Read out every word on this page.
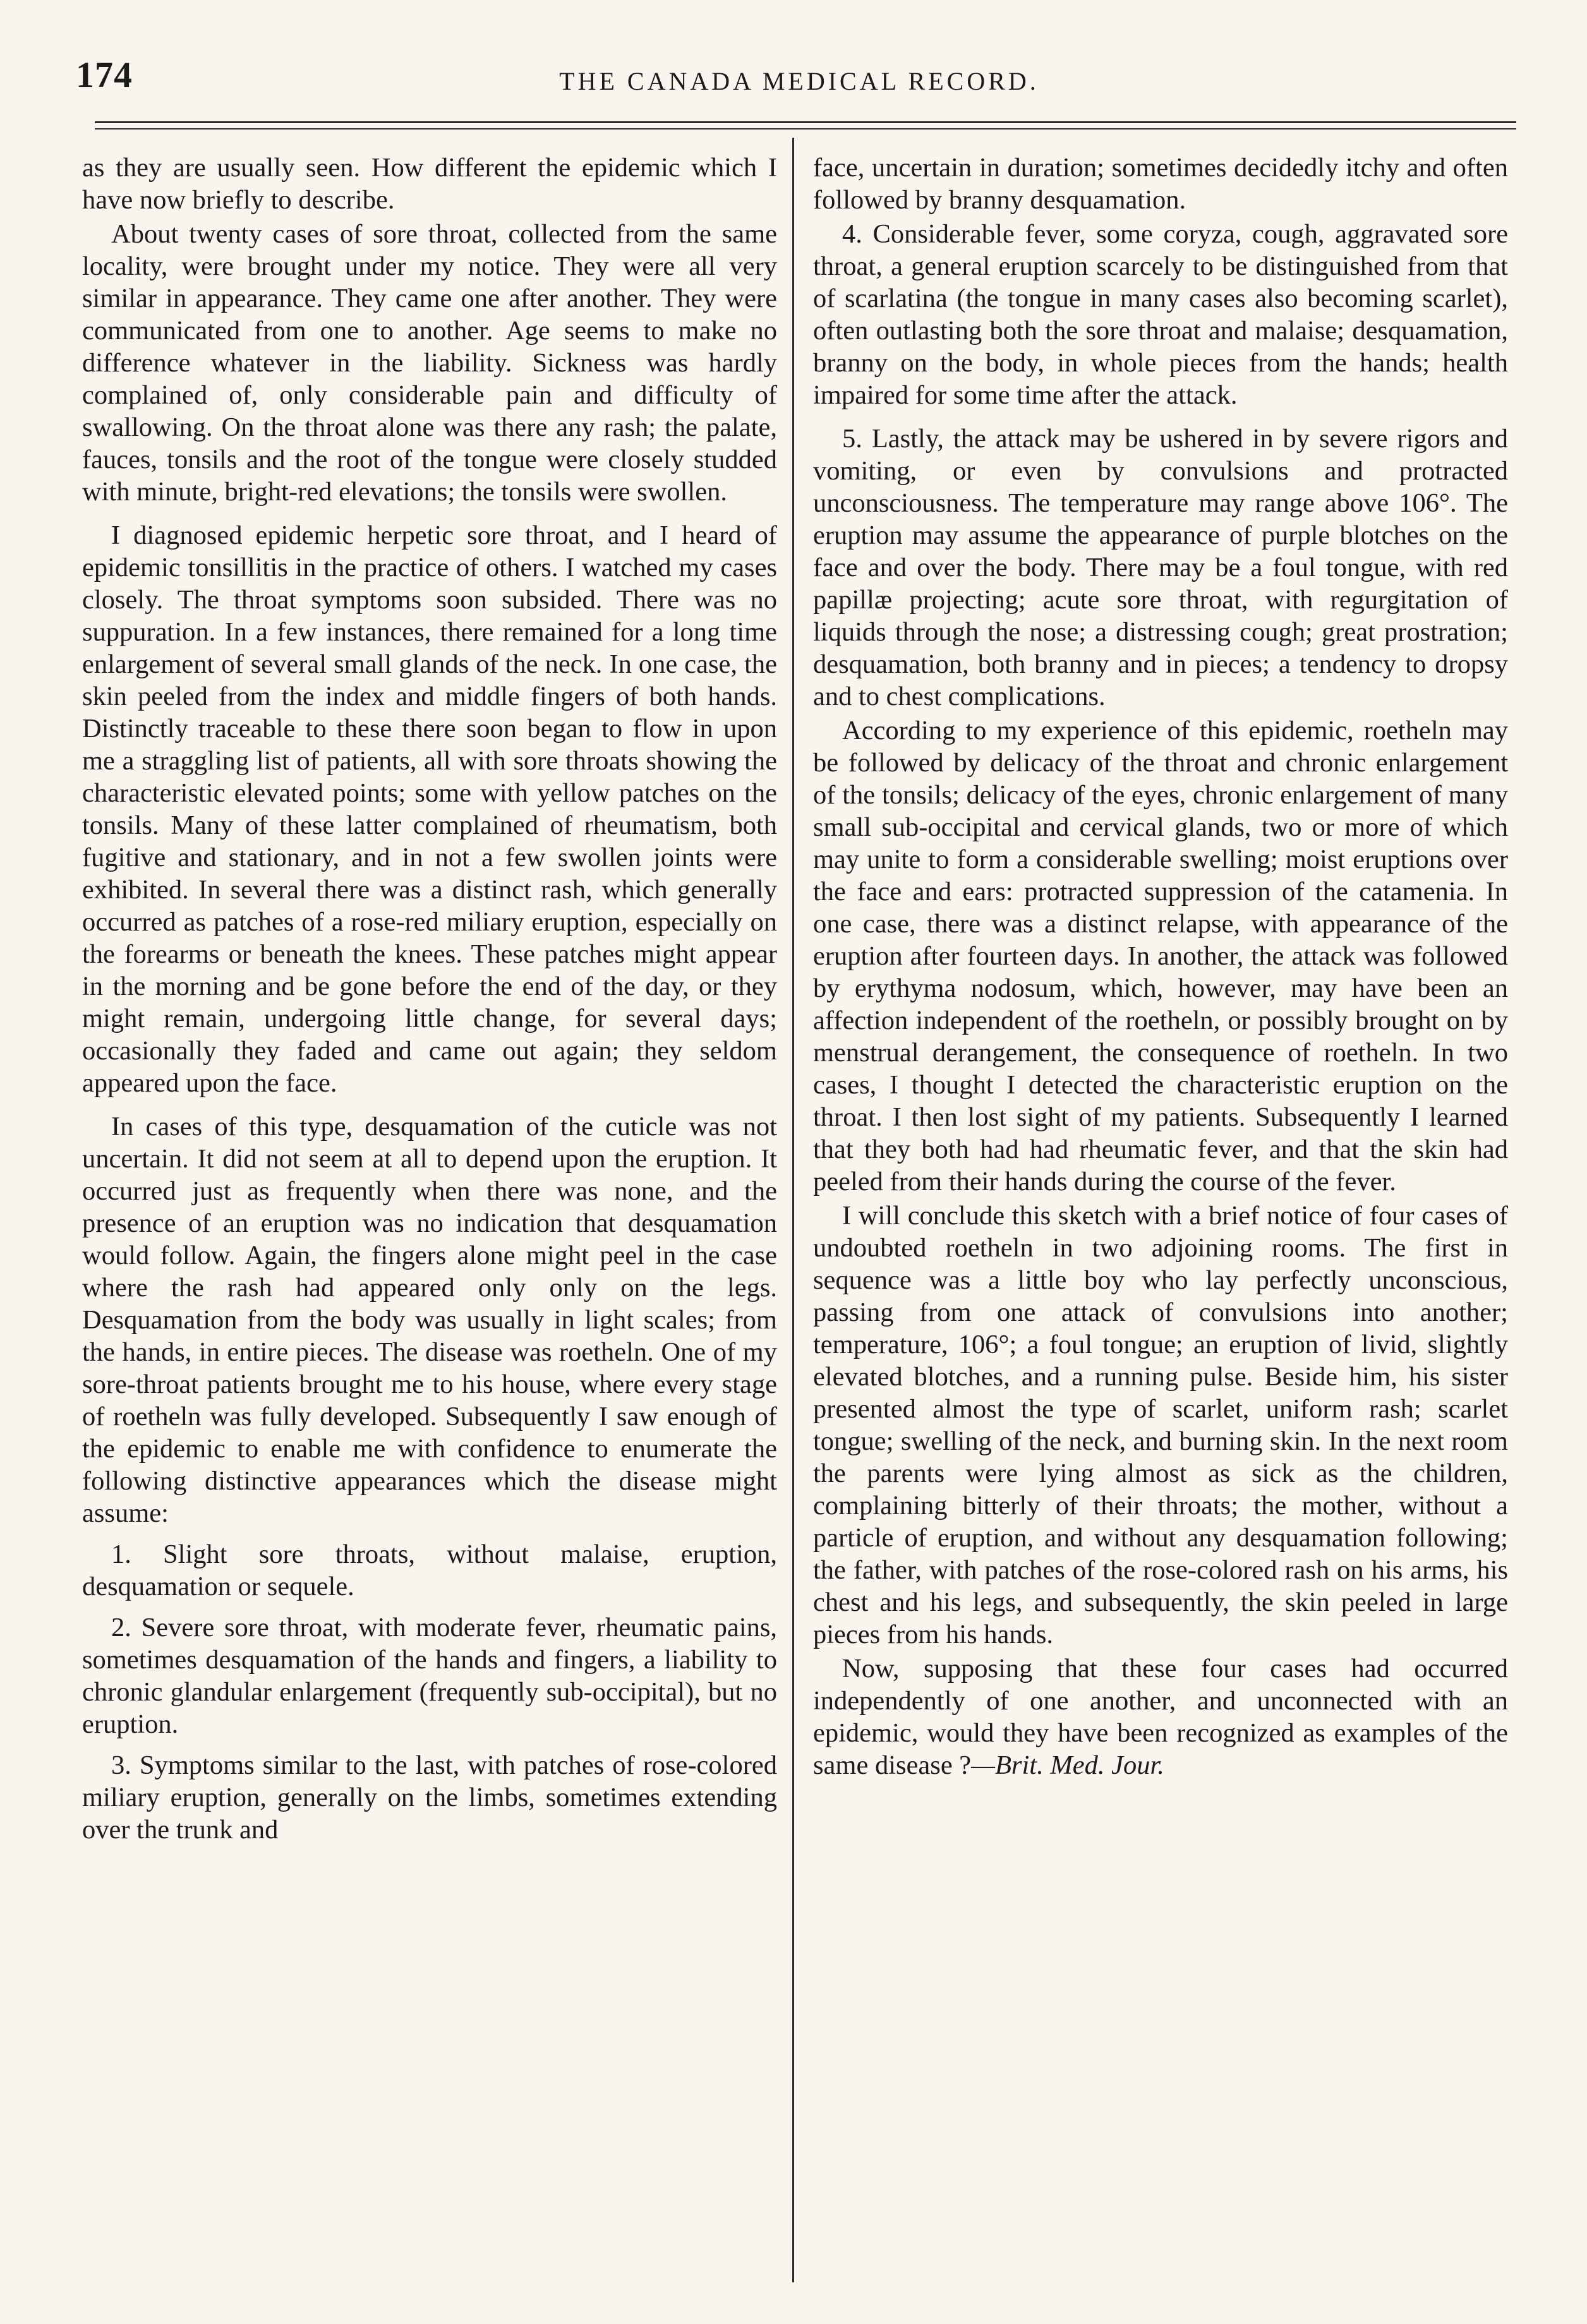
174	THE CANADA MEDICAL RECORD.

as they are usually seen. How different the epidemic which I have now briefly to describe.

About twenty cases of sore throat, collected from the same locality, were brought under my notice. They were all very similar in appearance. They came one after another. They were communicated from one to another. Age seems to make no difference whatever in the liability. Sickness was hardly complained of, only considerable pain and difficulty of swallowing. On the throat alone was there any rash; the palate, fauces, tonsils and the root of the tongue were closely studded with minute, bright-red elevations; the tonsils were swollen.

I diagnosed epidemic herpetic sore throat, and I heard of epidemic tonsillitis in the practice of others. I watched my cases closely. The throat symptoms soon subsided. There was no suppuration. In a few instances, there remained for a long time enlargement of several small glands of the neck. In one case, the skin peeled from the index and middle fingers of both hands. Distinctly traceable to these there soon began to flow in upon me a straggling list of patients, all with sore throats showing the characteristic elevated points; some with yellow patches on the tonsils. Many of these latter complained of rheumatism, both fugitive and stationary, and in not a few swollen joints were exhibited. In several there was a distinct rash, which generally occurred as patches of a rose-red miliary eruption, especially on the forearms or beneath the knees. These patches might appear in the morning and be gone before the end of the day, or they might remain, undergoing little change, for several days; occasionally they faded and came out again; they seldom appeared upon the face.

In cases of this type, desquamation of the cuticle was not uncertain. It did not seem at all to depend upon the eruption. It occurred just as frequently when there was none, and the presence of an eruption was no indication that desquamation would follow. Again, the fingers alone might peel in the case where the rash had appeared only only on the legs. Desquamation from the body was usually in light scales; from the hands, in entire pieces. The disease was roetheln. One of my sore-throat patients brought me to his house, where every stage of roetheln was fully developed. Subsequently I saw enough of the epidemic to enable me with confidence to enumerate the following distinctive appearances which the disease might assume:

1. Slight sore throats, without malaise, eruption, desquamation or sequele.

2. Severe sore throat, with moderate fever, rheumatic pains, sometimes desquamation of the hands and fingers, a liability to chronic glandular enlargement (frequently sub-occipital), but no eruption.

3. Symptoms similar to the last, with patches of rose-colored miliary eruption, generally on the limbs, sometimes extending over the trunk and

face, uncertain in duration; sometimes decidedly itchy and often followed by branny desquamation.

4. Considerable fever, some coryza, cough, aggravated sore throat, a general eruption scarcely to be distinguished from that of scarlatina (the tongue in many cases also becoming scarlet), often outlasting both the sore throat and malaise; desquamation, branny on the body, in whole pieces from the hands; health impaired for some time after the attack.

5. Lastly, the attack may be ushered in by severe rigors and vomiting, or even by convulsions and protracted unconsciousness. The temperature may range above 106°. The eruption may assume the appearance of purple blotches on the face and over the body. There may be a foul tongue, with red papillæ projecting; acute sore throat, with regurgitation of liquids through the nose; a distressing cough; great prostration; desquamation, both branny and in pieces; a tendency to dropsy and to chest complications.

According to my experience of this epidemic, roetheln may be followed by delicacy of the throat and chronic enlargement of the tonsils; delicacy of the eyes, chronic enlargement of many small sub-occipital and cervical glands, two or more of which may unite to form a considerable swelling; moist eruptions over the face and ears: protracted suppression of the catamenia. In one case, there was a distinct relapse, with appearance of the eruption after fourteen days. In another, the attack was followed by erythyma nodosum, which, however, may have been an affection independent of the roetheln, or possibly brought on by menstrual derangement, the consequence of roetheln. In two cases, I thought I detected the characteristic eruption on the throat. I then lost sight of my patients. Subsequently I learned that they both had had rheumatic fever, and that the skin had peeled from their hands during the course of the fever.

I will conclude this sketch with a brief notice of four cases of undoubted roetheln in two adjoining rooms. The first in sequence was a little boy who lay perfectly unconscious, passing from one attack of convulsions into another; temperature, 106°; a foul tongue; an eruption of livid, slightly elevated blotches, and a running pulse. Beside him, his sister presented almost the type of scarlet, uniform rash; scarlet tongue; swelling of the neck, and burning skin. In the next room the parents were lying almost as sick as the children, complaining bitterly of their throats; the mother, without a particle of eruption, and without any desquamation following; the father, with patches of the rose-colored rash on his arms, his chest and his legs, and subsequently, the skin peeled in large pieces from his hands.

Now, supposing that these four cases had occurred independently of one another, and unconnected with an epidemic, would they have been recognized as examples of the same disease ?—Brit. Med. Jour.
